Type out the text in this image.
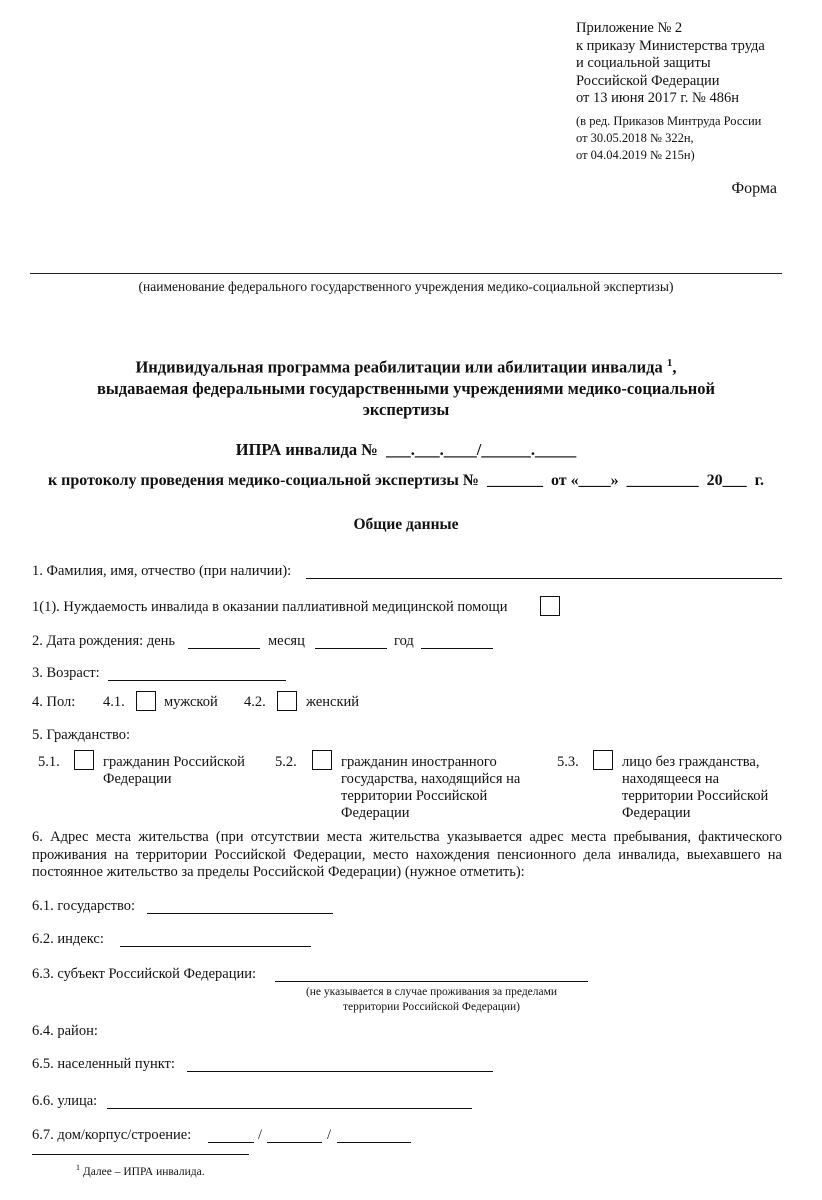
Приложение № 2
к приказу Министерства труда
и социальной защиты
Российской Федерации
от 13 июня 2017 г. № 486н
(в ред. Приказов Минтруда России
от 30.05.2018 № 322н,
от 04.04.2019 № 215н)
Форма
(наименование федерального государственного учреждения медико-социальной экспертизы)
Индивидуальная программа реабилитации или абилитации инвалида $^1$,
выдаваемая федеральными государственными учреждениями медико-социальной
экспертизы
ИПРА инвалида №  ___.___.____/______._____
к протоколу проведения медико-социальной экспертизы №  _______  от «____»  _________  20___  г.
Общие данные
1. Фамилия, имя, отчество (при наличии):
1(1). Нуждаемость инвалида в оказании паллиативной медицинской помощи
2. Дата рождения: день	месяц	год
3. Возраст:
4. Пол: 4.1.	мужской 4.2.	женский
5. Гражданство:
5.1.	гражданин Российской
Федерации
5.2.	гражданин иностранного
государства, находящийся на
территории Российской
Федерации
5.3.	лицо без гражданства,
находящееся на
территории Российской
Федерации
6. Адрес места жительства (при отсутствии места жительства указывается адрес места пребывания, фактического проживания на территории Российской Федерации, место нахождения пенсионного дела инвалида, выехавшего на постоянное жительство за пределы Российской Федерации) (нужное отметить):
6.1. государство:
6.2. индекс:
6.3. субъект Российской Федерации:
(не указывается в случае проживания за пределами
территории Российской Федерации)
6.4. район:
6.5. населенный пункт:
6.6. улица:
6.7. дом/корпус/строение:	/	/
$^1$ Далее – ИПРА инвалида.
